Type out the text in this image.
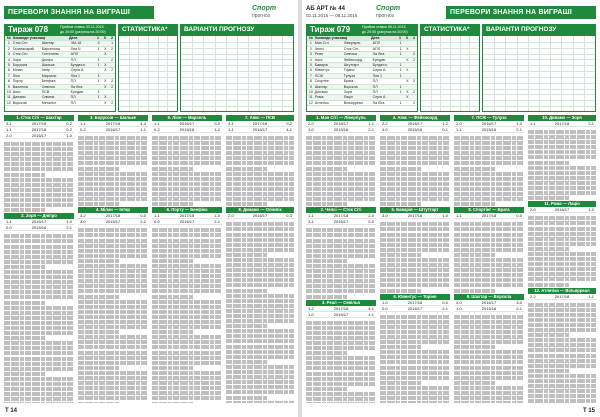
ПЕРЕВОРИ ЗНАННЯ НА ВИГРАШІ
Спорт
прогноз
Тираж 078	Прийом ставок 03.11.2015
до 20:00 (рахунок на 20:00)
№ Команди учасниці	Дата	1	X	2
1 Сток Сіті	Шахтар	ЧМ-16	2	1
2 Галатасарай	Барселона	Ліга Ч.	1	X	2
3 Сток Сіті	Тоттенгем	АПЛ	X
4 Зоря	Дніпро	ПЛ	1	2
5 Боруссія	Шальке	Бундесл.	1	X
6 Мілан	Інтер	Серія А	X	2
7 Ліон	Марсель	Ліга 1	1
8 Порту	Бенфіка	ПЛ	1	X	2
9 Валенсія	Севілья	Ла Ліга	X	2
10 Аякс	ПСВ	Ередив.	1
11 Динамо	Олімпік	ПЛ	1	X
12 Ворскла	Металіст	ПЛ	X	2
СТАТИСТИКА*	ВАРІАНТИ ПРОГНОЗУ
1. Сток Сіті — Шахтар
3-1	2017/18	0-2
1-1	2017/18	0-2
2-0	2016/17	1-0
2. Зоря — Дніпро
1-1	2016/17	1-0
0-0	2015/16	2-1
3. Боруссія — Шальке
1-1	2017/18	4-4
0-2	2016/17	1-1
4. Мілан — Інтер
3-2	2017/18	0-0
2-0	2016/17	2-2
5. Ліон — Марсель
1-1	2016/17	0-0
0-2	2015/16	1-2
6. Порту — Бенфіка
1-1	2017/18	1-0
0-0	2016/17	2-1
7. Аякс — ПСВ
3-1	2017/18	0-2
1-1	2016/17	4-1
8. Динамо — Олімпік
2-0	2016/17	0-3
Т 14
АБ АРТ № 44
02.11.2015 — 08.11.2015
Спорт
прогноз	ПЕРЕВОРИ ЗНАННЯ НА ВИГРАШІ
Тираж 079	Прийом ставок 06.11.2015
до 20:00 (рахунок на 20:00)
№ Команди учасниці	Дата	1	X	2
1 Ман Сіті	Ліверпуль	АПЛ	1
2 Челсі	Сток Сіті	АПЛ	1	X
3 Реал	Севілья	Ла Ліга	1	2
4 Аякс	Фейєноорд	Ередив.	X	2
5 Баварія	Штутгарт	Бундесл.	1
6 Ювентус	Торіно	Серія А	1	X
7 ПСЖ	Тулуза	Ліга 1	1
8 Спортінг	Брага	ПЛ	X	2
9 Шахтар	Ворскла	ПЛ	1
10 Динамо	Зоря	ПЛ	1	X	2
11 Рома	Лаціо	Серія А	X
12 Атлетіко	Вільярреал	Ла Ліга	1	2
СТАТИСТИКА*	ВАРІАНТИ ПРОГНОЗУ
1. Ман Сіті — Ліверпуль
2-0	2016/17	1-1
1-0	2015/16	2-1
2. Челсі — Сток Сіті
1-1	2017/18	2-0
2-1	2016/17	0-0
3. Реал — Севілья
1-2	2017/18	4-1
1-0	2016/17	1-1
4. Аякс — Фейєноорд
2-2	2016/17	1-2
4-0	2015/16	0-1
5. Баварія — Штутгарт
3-0	2017/18	1-0
6. Ювентус — Торіно
1-0	2017/18	0-0
0-0	2016/17	2-1
7. ПСЖ — Тулуза
2-0	2016/17	1-0
1-1	2015/16	2-1
8. Спортінг — Брага
1-1	2017/18	0-0
9. Шахтар — Ворскла
2-0	2016/17	3-0
1-0	2015/16	2-1
10. Динамо — Зоря
1-1	2017/18	2-1
11. Рома — Лаціо
2-0	2016/17	1-2
12. Атлетіко — Вільярреал
2-2	2017/18	1-1
Т 15
